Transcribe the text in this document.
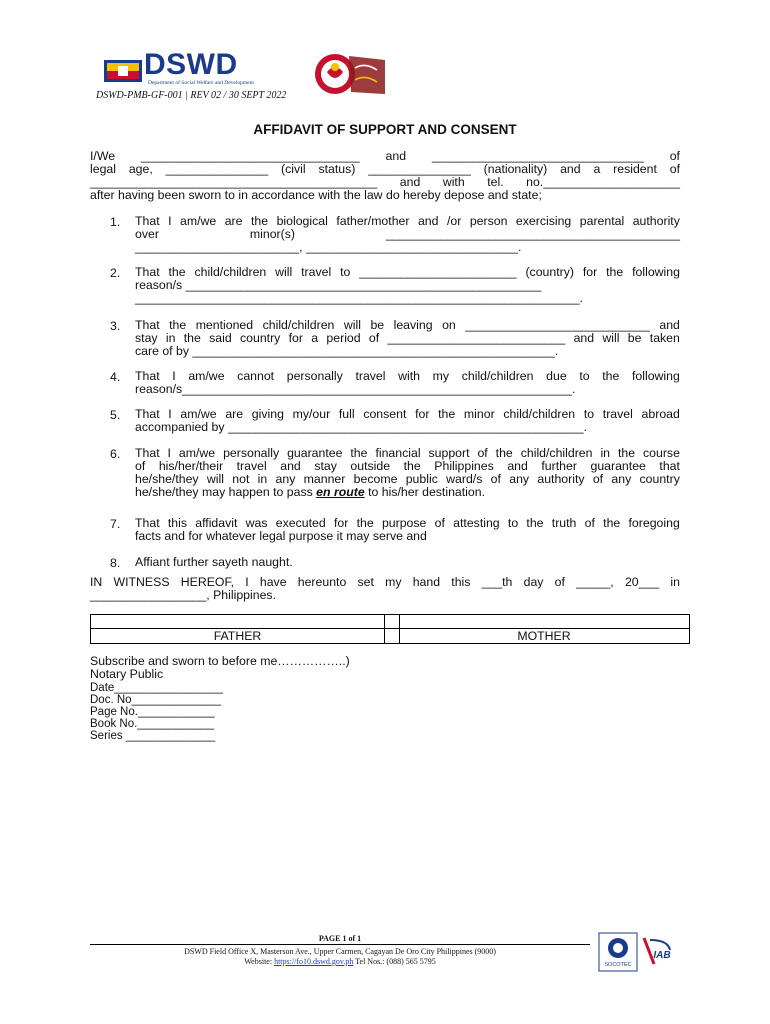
DSWD
Department of Social Welfare and Development
DSWD-PMB-GF-001 | REV 02 / 30 SEPT 2022
AFFIDAVIT OF SUPPORT AND CONSENT
I/We ________________________________ and _______________________________ of
legal age, _______________ (civil status) _______________ (nationality) and a resident of
__________________________________________ and with tel. no.____________________
after having been sworn to in accordance with the law do hereby depose and state;
1. That I am/we are the biological father/mother and /or person exercising parental authority
over	minor(s)	___________________________________________
________________________, _______________________________.
2. That the child/children will travel to _______________________ (country) for the following
reason/s ____________________________________________________
_________________________________________________________________.
3. That the mentioned child/children will be leaving on ___________________________ and
stay in the said country for a period of __________________________ and will be taken
care of by _____________________________________________________.
4. That I am/we cannot personally travel with my child/children due to the following
reason/s_________________________________________________________.
5. That I am/we are giving my/our full consent for the minor child/children to travel abroad
accompanied by ____________________________________________________.
6. That I am/we personally guarantee the financial support of the child/children in the course
of his/her/their travel and stay outside the Philippines and further guarantee that
he/she/they will not in any manner become public ward/s of any authority of any country
he/she/they may happen to pass en route to his/her destination.
7. That this affidavit was executed for the purpose of attesting to the truth of the foregoing
facts and for whatever legal purpose it may serve and
8. Affiant further sayeth naught.
IN WITNESS HEREOF, I have hereunto set my hand this ___th day of _____, 20___ in
_________________, Philippines.
FATHER	MOTHER
Subscribe and sworn to before me……………..)
Notary Public
Date_________________
Doc. No______________
Page No.____________
Book No.____________
Series ______________
PAGE 1 of 1
DSWD Field Office X, Masterson Ave., Upper Carmen, Cagayan De Oro City Philippines (9000)
Website: https://fo10.dswd.gov.ph Tel Nos.: (088) 565 5795	SOCOTEC
IAB
